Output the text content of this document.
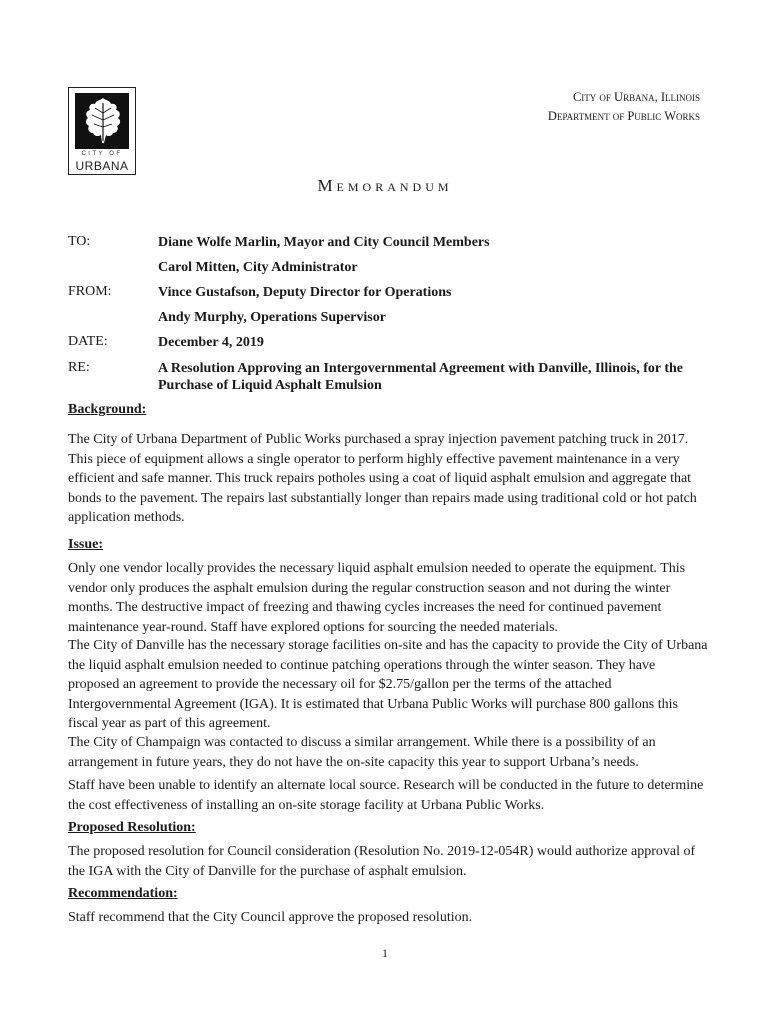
CITY OF
URBANA
City of Urbana, Illinois
Department of Public Works
Memorandum
TO:	Diane Wolfe Marlin, Mayor and City Council Members
Carol Mitten, City Administrator
FROM:	Vince Gustafson, Deputy Director for Operations
Andy Murphy, Operations Supervisor
DATE:	December 4, 2019
RE:	A Resolution Approving an Intergovernmental Agreement with Danville, Illinois, for the Purchase of Liquid Asphalt Emulsion
Background:
The City of Urbana Department of Public Works purchased a spray injection pavement patching truck in 2017. This piece of equipment allows a single operator to perform highly effective pavement maintenance in a very efficient and safe manner. This truck repairs potholes using a coat of liquid asphalt emulsion and aggregate that bonds to the pavement. The repairs last substantially longer than repairs made using traditional cold or hot patch application methods.
Issue:
Only one vendor locally provides the necessary liquid asphalt emulsion needed to operate the equipment. This vendor only produces the asphalt emulsion during the regular construction season and not during the winter months. The destructive impact of freezing and thawing cycles increases the need for continued pavement maintenance year-round. Staff have explored options for sourcing the needed materials.
The City of Danville has the necessary storage facilities on-site and has the capacity to provide the City of Urbana the liquid asphalt emulsion needed to continue patching operations through the winter season. They have proposed an agreement to provide the necessary oil for $2.75/gallon per the terms of the attached Intergovernmental Agreement (IGA). It is estimated that Urbana Public Works will purchase 800 gallons this fiscal year as part of this agreement.
The City of Champaign was contacted to discuss a similar arrangement. While there is a possibility of an arrangement in future years, they do not have the on-site capacity this year to support Urbana’s needs.
Staff have been unable to identify an alternate local source. Research will be conducted in the future to determine the cost effectiveness of installing an on-site storage facility at Urbana Public Works.
Proposed Resolution:
The proposed resolution for Council consideration (Resolution No. 2019-12-054R) would authorize approval of the IGA with the City of Danville for the purchase of asphalt emulsion.
Recommendation:
Staff recommend that the City Council approve the proposed resolution.
1
